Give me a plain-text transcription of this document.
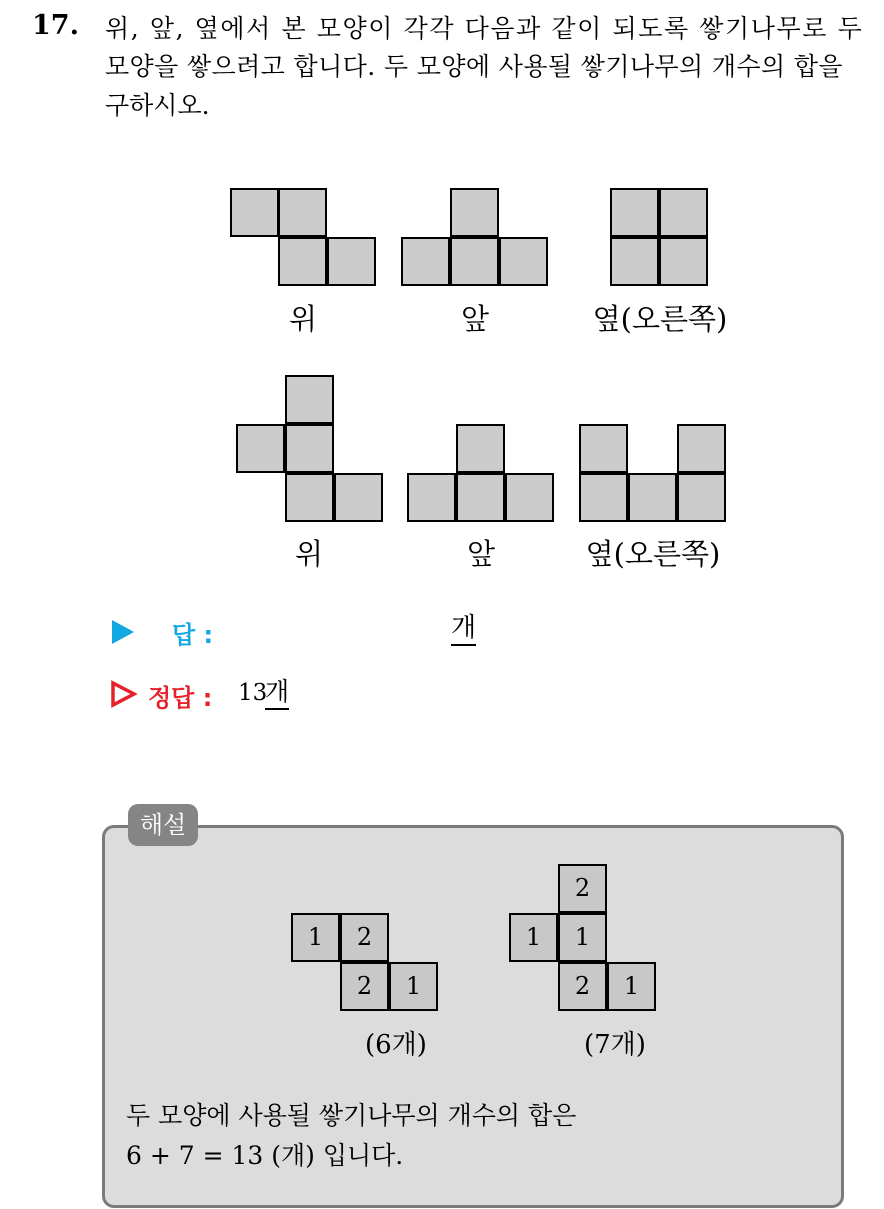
17. 위, 앞, 옆에서 본 모양이 각각 다음과 같이 되도록 쌓기나무로 두
모양을 쌓으려고 합니다. 두 모양에 사용될 쌓기나무의 개수의 합을
구하시오.
위	앞	옆(오른쪽)
위	앞	옆(오른쪽)
답 :	개
정답 : 13
개
해설
1	2
2	1
(6개)
2
1	1
2	1
(7개)
두 모양에 사용될 쌓기나무의 개수의 합은
6 + 7 = 13 (개) 입니다.
